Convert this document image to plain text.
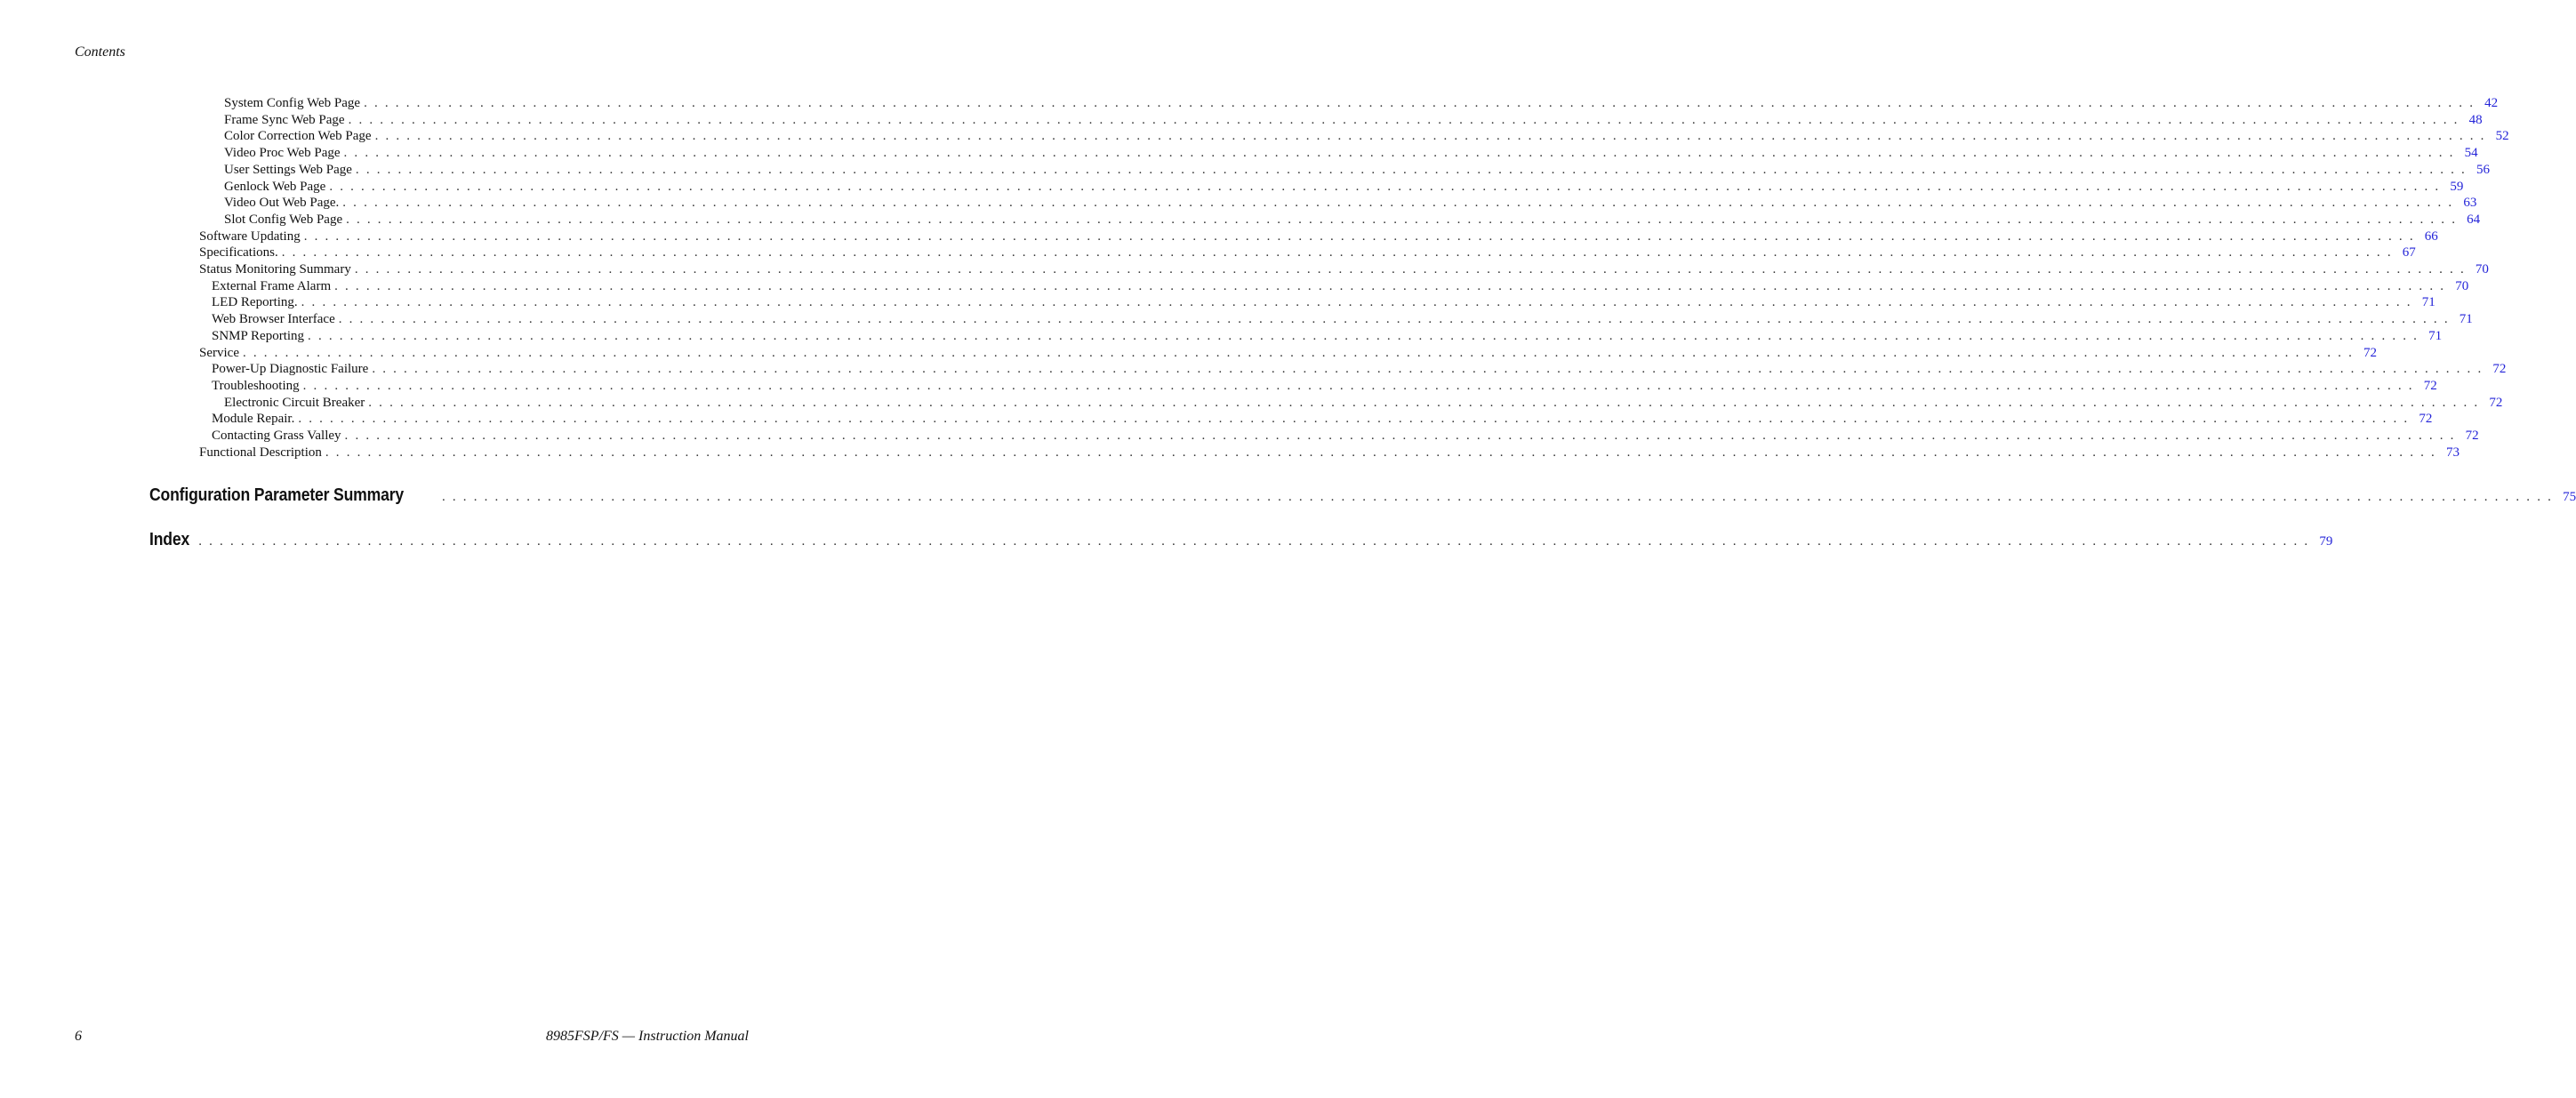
Contents
System Config Web Page . . . . . . . . . . . . . . . . . . . . . . . . . . . . . . . . . . . . . . . . . . . . . . . . . . . . . . . . . . . . . . . . . . . . . . . . . . . . . . . . . . . . . . . . . . . . . . . . . . . . . . . . . . . . . . . . . . . . . . . . . . . . . . . . . . . . . . . . . . . . . . . . . . . . . . . . . . . . . . . . . . . . . . . . . . . . . . . . . . . . . . . . . . . . . . . . . . . . . . . . 42
Frame Sync Web Page . . . . . . . . . . . . . . . . . . . . . . . . . . . . . . . . . . . . . . . . . . . . . . . . . . . . . . . . . . . . . . . . . . . . . . . . . . . . . . . . . . . . . . . . . . . . . . . . . . . . . . . . . . . . . . . . . . . . . . . . . . . . . . . . . . . . . . . . . . . . . . . . . . . . . . . . . . . . . . . . . . . . . . . . . . . . . . . . . . . . . . . . . . . . . . . . . . . . . . . . 48
Color Correction Web Page . . . . . . . . . . . . . . . . . . . . . . . . . . . . . . . . . . . . . . . . . . . . . . . . . . . . . . . . . . . . . . . . . . . . . . . . . . . . . . . . . . . . . . . . . . . . . . . . . . . . . . . . . . . . . . . . . . . . . . . . . . . . . . . . . . . . . . . . . . . . . . . . . . . . . . . . . . . . . . . . . . . . . . . . . . . . . . . . . . . . . . . . . . . . . . . . . . . . . . . . 52
Video Proc Web Page . . . . . . . . . . . . . . . . . . . . . . . . . . . . . . . . . . . . . . . . . . . . . . . . . . . . . . . . . . . . . . . . . . . . . . . . . . . . . . . . . . . . . . . . . . . . . . . . . . . . . . . . . . . . . . . . . . . . . . . . . . . . . . . . . . . . . . . . . . . . . . . . . . . . . . . . . . . . . . . . . . . . . . . . . . . . . . . . . . . . . . . . . . . . . . . . . . . . . . . . 54
User Settings Web Page . . . . . . . . . . . . . . . . . . . . . . . . . . . . . . . . . . . . . . . . . . . . . . . . . . . . . . . . . . . . . . . . . . . . . . . . . . . . . . . . . . . . . . . . . . . . . . . . . . . . . . . . . . . . . . . . . . . . . . . . . . . . . . . . . . . . . . . . . . . . . . . . . . . . . . . . . . . . . . . . . . . . . . . . . . . . . . . . . . . . . . . . . . . . . . . . . . . . . . . . 56
Genlock Web Page . . . . . . . . . . . . . . . . . . . . . . . . . . . . . . . . . . . . . . . . . . . . . . . . . . . . . . . . . . . . . . . . . . . . . . . . . . . . . . . . . . . . . . . . . . . . . . . . . . . . . . . . . . . . . . . . . . . . . . . . . . . . . . . . . . . . . . . . . . . . . . . . . . . . . . . . . . . . . . . . . . . . . . . . . . . . . . . . . . . . . . . . . . . . . . . . . . . . . . . . 59
Video Out Web Page. . . . . . . . . . . . . . . . . . . . . . . . . . . . . . . . . . . . . . . . . . . . . . . . . . . . . . . . . . . . . . . . . . . . . . . . . . . . . . . . . . . . . . . . . . . . . . . . . . . . . . . . . . . . . . . . . . . . . . . . . . . . . . . . . . . . . . . . . . . . . . . . . . . . . . . . . . . . . . . . . . . . . . . . . . . . . . . . . . . . . . . . . . . . . . . . . . . . . . . . . 63
Slot Config Web Page . . . . . . . . . . . . . . . . . . . . . . . . . . . . . . . . . . . . . . . . . . . . . . . . . . . . . . . . . . . . . . . . . . . . . . . . . . . . . . . . . . . . . . . . . . . . . . . . . . . . . . . . . . . . . . . . . . . . . . . . . . . . . . . . . . . . . . . . . . . . . . . . . . . . . . . . . . . . . . . . . . . . . . . . . . . . . . . . . . . . . . . . . . . . . . . . . . . . . . . . 64
Software Updating . . . . . . . . . . . . . . . . . . . . . . . . . . . . . . . . . . . . . . . . . . . . . . . . . . . . . . . . . . . . . . . . . . . . . . . . . . . . . . . . . . . . . . . . . . . . . . . . . . . . . . . . . . . . . . . . . . . . . . . . . . . . . . . . . . . . . . . . . . . . . . . . . . . . . . . . . . . . . . . . . . . . . . . . . . . . . . . . . . . . . . . . . . . . . . . . . . . . . . . . 66
Specifications. . . . . . . . . . . . . . . . . . . . . . . . . . . . . . . . . . . . . . . . . . . . . . . . . . . . . . . . . . . . . . . . . . . . . . . . . . . . . . . . . . . . . . . . . . . . . . . . . . . . . . . . . . . . . . . . . . . . . . . . . . . . . . . . . . . . . . . . . . . . . . . . . . . . . . . . . . . . . . . . . . . . . . . . . . . . . . . . . . . . . . . . . . . . . . . . . . . . . . . . . 67
Status Monitoring Summary . . . . . . . . . . . . . . . . . . . . . . . . . . . . . . . . . . . . . . . . . . . . . . . . . . . . . . . . . . . . . . . . . . . . . . . . . . . . . . . . . . . . . . . . . . . . . . . . . . . . . . . . . . . . . . . . . . . . . . . . . . . . . . . . . . . . . . . . . . . . . . . . . . . . . . . . . . . . . . . . . . . . . . . . . . . . . . . . . . . . . . . . . . . . . . . . . . . . . . . . 70
External Frame Alarm . . . . . . . . . . . . . . . . . . . . . . . . . . . . . . . . . . . . . . . . . . . . . . . . . . . . . . . . . . . . . . . . . . . . . . . . . . . . . . . . . . . . . . . . . . . . . . . . . . . . . . . . . . . . . . . . . . . . . . . . . . . . . . . . . . . . . . . . . . . . . . . . . . . . . . . . . . . . . . . . . . . . . . . . . . . . . . . . . . . . . . . . . . . . . . . . . . . . . . . . 70
LED Reporting. . . . . . . . . . . . . . . . . . . . . . . . . . . . . . . . . . . . . . . . . . . . . . . . . . . . . . . . . . . . . . . . . . . . . . . . . . . . . . . . . . . . . . . . . . . . . . . . . . . . . . . . . . . . . . . . . . . . . . . . . . . . . . . . . . . . . . . . . . . . . . . . . . . . . . . . . . . . . . . . . . . . . . . . . . . . . . . . . . . . . . . . . . . . . . . . . . . . . . . . . 71
Web Browser Interface . . . . . . . . . . . . . . . . . . . . . . . . . . . . . . . . . . . . . . . . . . . . . . . . . . . . . . . . . . . . . . . . . . . . . . . . . . . . . . . . . . . . . . . . . . . . . . . . . . . . . . . . . . . . . . . . . . . . . . . . . . . . . . . . . . . . . . . . . . . . . . . . . . . . . . . . . . . . . . . . . . . . . . . . . . . . . . . . . . . . . . . . . . . . . . . . . . . . . . . . 71
SNMP Reporting . . . . . . . . . . . . . . . . . . . . . . . . . . . . . . . . . . . . . . . . . . . . . . . . . . . . . . . . . . . . . . . . . . . . . . . . . . . . . . . . . . . . . . . . . . . . . . . . . . . . . . . . . . . . . . . . . . . . . . . . . . . . . . . . . . . . . . . . . . . . . . . . . . . . . . . . . . . . . . . . . . . . . . . . . . . . . . . . . . . . . . . . . . . . . . . . . . . . . . . . 71
Service . . . . . . . . . . . . . . . . . . . . . . . . . . . . . . . . . . . . . . . . . . . . . . . . . . . . . . . . . . . . . . . . . . . . . . . . . . . . . . . . . . . . . . . . . . . . . . . . . . . . . . . . . . . . . . . . . . . . . . . . . . . . . . . . . . . . . . . . . . . . . . . . . . . . . . . . . . . . . . . . . . . . . . . . . . . . . . . . . . . . . . . . . . . . . . . . . . . . . . . . 72
Power-Up Diagnostic Failure . . . . . . . . . . . . . . . . . . . . . . . . . . . . . . . . . . . . . . . . . . . . . . . . . . . . . . . . . . . . . . . . . . . . . . . . . . . . . . . . . . . . . . . . . . . . . . . . . . . . . . . . . . . . . . . . . . . . . . . . . . . . . . . . . . . . . . . . . . . . . . . . . . . . . . . . . . . . . . . . . . . . . . . . . . . . . . . . . . . . . . . . . . . . . . . . . . . . . . . . 72
Troubleshooting . . . . . . . . . . . . . . . . . . . . . . . . . . . . . . . . . . . . . . . . . . . . . . . . . . . . . . . . . . . . . . . . . . . . . . . . . . . . . . . . . . . . . . . . . . . . . . . . . . . . . . . . . . . . . . . . . . . . . . . . . . . . . . . . . . . . . . . . . . . . . . . . . . . . . . . . . . . . . . . . . . . . . . . . . . . . . . . . . . . . . . . . . . . . . . . . . . . . . . . . 72
Electronic Circuit Breaker . . . . . . . . . . . . . . . . . . . . . . . . . . . . . . . . . . . . . . . . . . . . . . . . . . . . . . . . . . . . . . . . . . . . . . . . . . . . . . . . . . . . . . . . . . . . . . . . . . . . . . . . . . . . . . . . . . . . . . . . . . . . . . . . . . . . . . . . . . . . . . . . . . . . . . . . . . . . . . . . . . . . . . . . . . . . . . . . . . . . . . . . . . . . . . . . . . . . . . . . 72
Module Repair. . . . . . . . . . . . . . . . . . . . . . . . . . . . . . . . . . . . . . . . . . . . . . . . . . . . . . . . . . . . . . . . . . . . . . . . . . . . . . . . . . . . . . . . . . . . . . . . . . . . . . . . . . . . . . . . . . . . . . . . . . . . . . . . . . . . . . . . . . . . . . . . . . . . . . . . . . . . . . . . . . . . . . . . . . . . . . . . . . . . . . . . . . . . . . . . . . . . . . . . . 72
Contacting Grass Valley . . . . . . . . . . . . . . . . . . . . . . . . . . . . . . . . . . . . . . . . . . . . . . . . . . . . . . . . . . . . . . . . . . . . . . . . . . . . . . . . . . . . . . . . . . . . . . . . . . . . . . . . . . . . . . . . . . . . . . . . . . . . . . . . . . . . . . . . . . . . . . . . . . . . . . . . . . . . . . . . . . . . . . . . . . . . . . . . . . . . . . . . . . . . . . . . . . . . . . . . 72
Functional Description . . . . . . . . . . . . . . . . . . . . . . . . . . . . . . . . . . . . . . . . . . . . . . . . . . . . . . . . . . . . . . . . . . . . . . . . . . . . . . . . . . . . . . . . . . . . . . . . . . . . . . . . . . . . . . . . . . . . . . . . . . . . . . . . . . . . . . . . . . . . . . . . . . . . . . . . . . . . . . . . . . . . . . . . . . . . . . . . . . . . . . . . . . . . . . . . . . . . . . . . 73
Configuration Parameter Summary	. . . . . . . . . . . . . . . . . . . . . . . . . . . . . . . . . . . . . . . . . . . . . . . . . . . . . . . . . . . . . . . . . . . . . . . . . . . . . . . . . . . . . . . . . . . . . . . . . . . . . . . . . . . . . . . . . . . . . . . . . . . . . . . . . . . . . . . . . . . . . . . . . . . . . . . . . . . . . . . . . . . . . . . . . . . . . . . . . . . . . . . . . . . . . . . . . . . . . . . . 75
Index . . . . . . . . . . . . . . . . . . . . . . . . . . . . . . . . . . . . . . . . . . . . . . . . . . . . . . . . . . . . . . . . . . . . . . . . . . . . . . . . . . . . . . . . . . . . . . . . . . . . . . . . . . . . . . . . . . . . . . . . . . . . . . . . . . . . . . . . . . . . . . . . . . . . . . . . . . . . . . . . . . . . . . . . . . . . . . . . . . . . . . . . . . . . . . . . . . . . . . . . 79
6	8985FSP/FS — Instruction Manual
